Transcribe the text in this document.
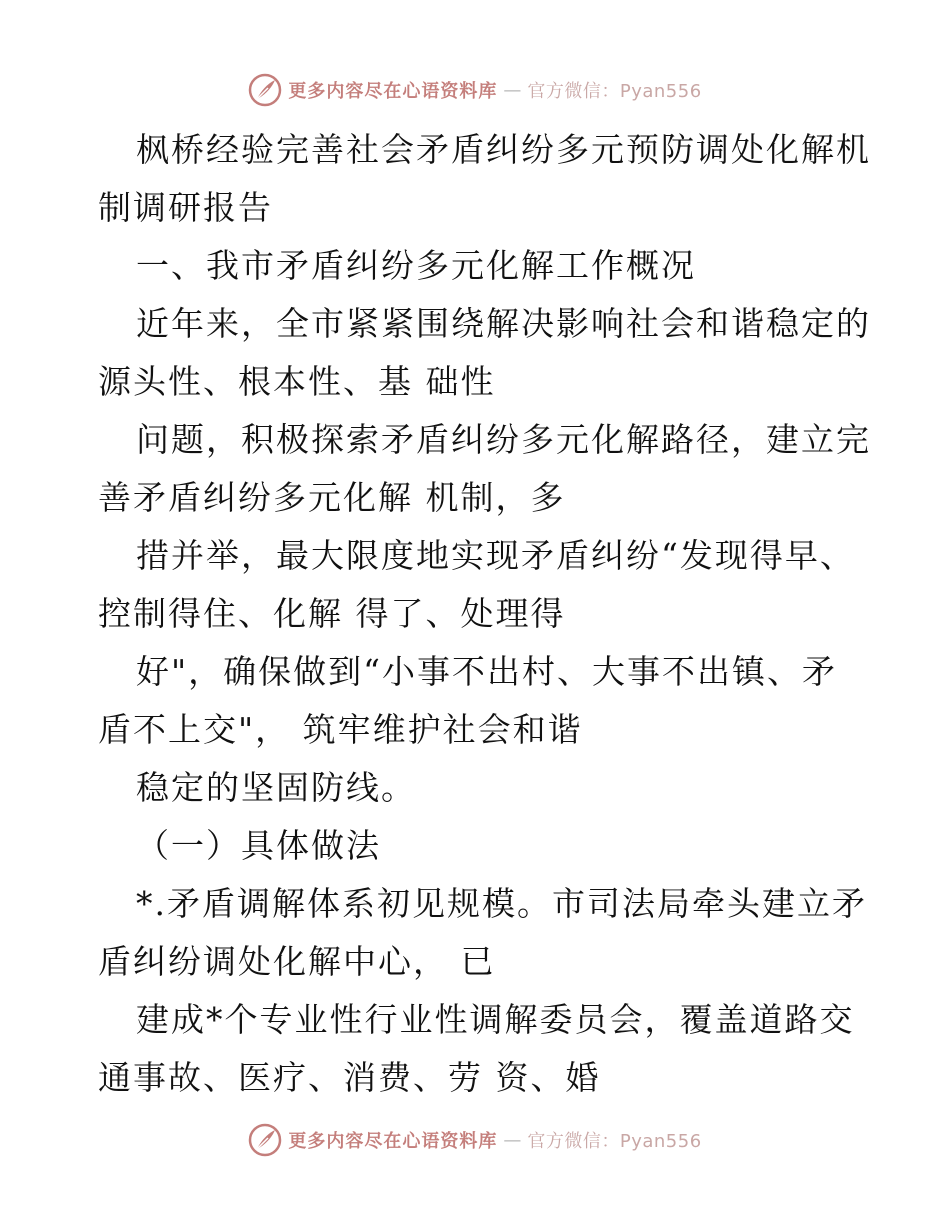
更多内容尽在心语资料库 — 官方微信：Pyan556
枫桥经验完善社会矛盾纠纷多元预防调处化解机
制调研报告
一、我市矛盾纠纷多元化解工作概况
近年来，全市紧紧围绕解决影响社会和谐稳定的
源头性、根本性、基 础性
问题，积极探索矛盾纠纷多元化解路径，建立完
善矛盾纠纷多元化解 机制，多
措并举，最大限度地实现矛盾纠纷“发现得早、
控制得住、化解 得了、处理得
好"，确保做到“小事不出村、大事不出镇、矛
盾不上交"， 筑牢维护社会和谐
稳定的坚固防线。
（一）具体做法
*.矛盾调解体系初见规模。市司法局牵头建立矛
盾纠纷调处化解中心， 已
建成*个专业性行业性调解委员会，覆盖道路交
通事故、医疗、消费、劳 资、婚
更多内容尽在心语资料库 — 官方微信：Pyan556
